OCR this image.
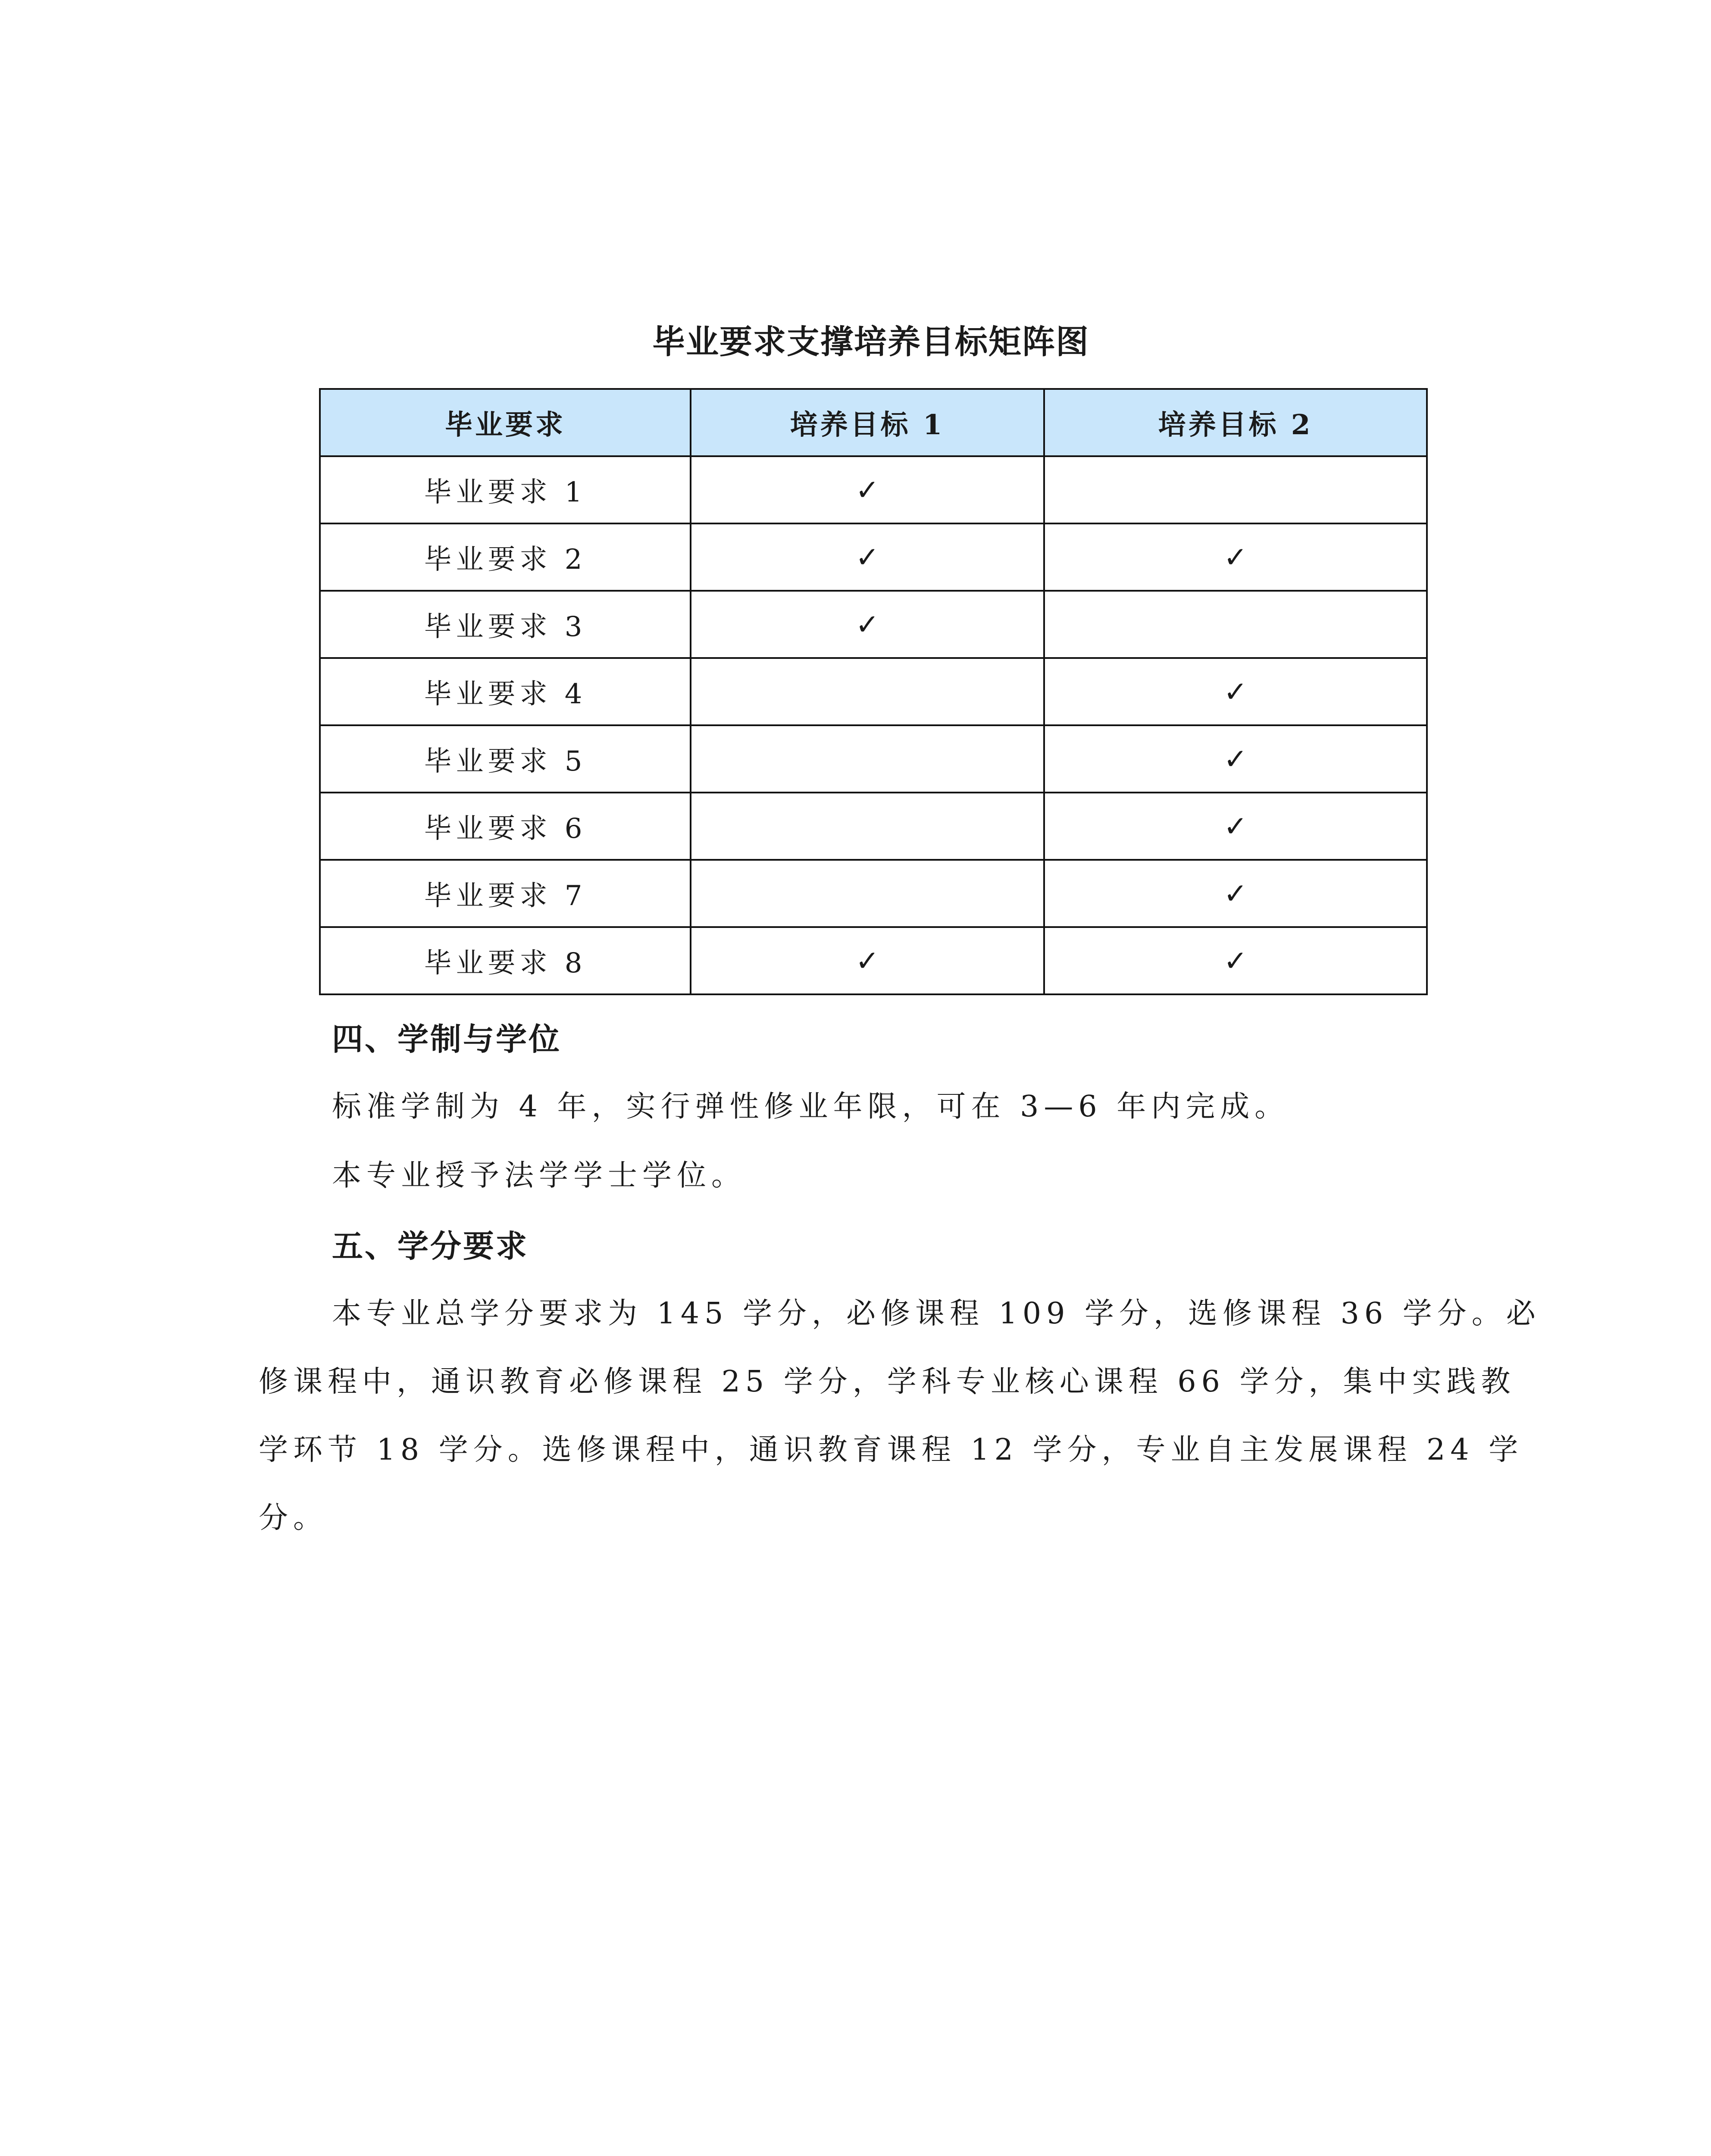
毕业要求支撑培养目标矩阵图
毕业要求	培养目标 1	培养目标 2
毕业要求 1	✓	
毕业要求 2	✓	✓
毕业要求 3	✓	
毕业要求 4		✓
毕业要求 5		✓
毕业要求 6		✓
毕业要求 7		✓
毕业要求 8	✓	✓
四、学制与学位
标准学制为 4 年，实行弹性修业年限，可在 3—6 年内完成。
本专业授予法学学士学位。
五、学分要求
本专业总学分要求为 145 学分，必修课程 109 学分，选修课程 36 学分。必
修课程中，通识教育必修课程 25 学分，学科专业核心课程 66 学分，集中实践教
学环节 18 学分。选修课程中，通识教育课程 12 学分，专业自主发展课程 24 学
分。
